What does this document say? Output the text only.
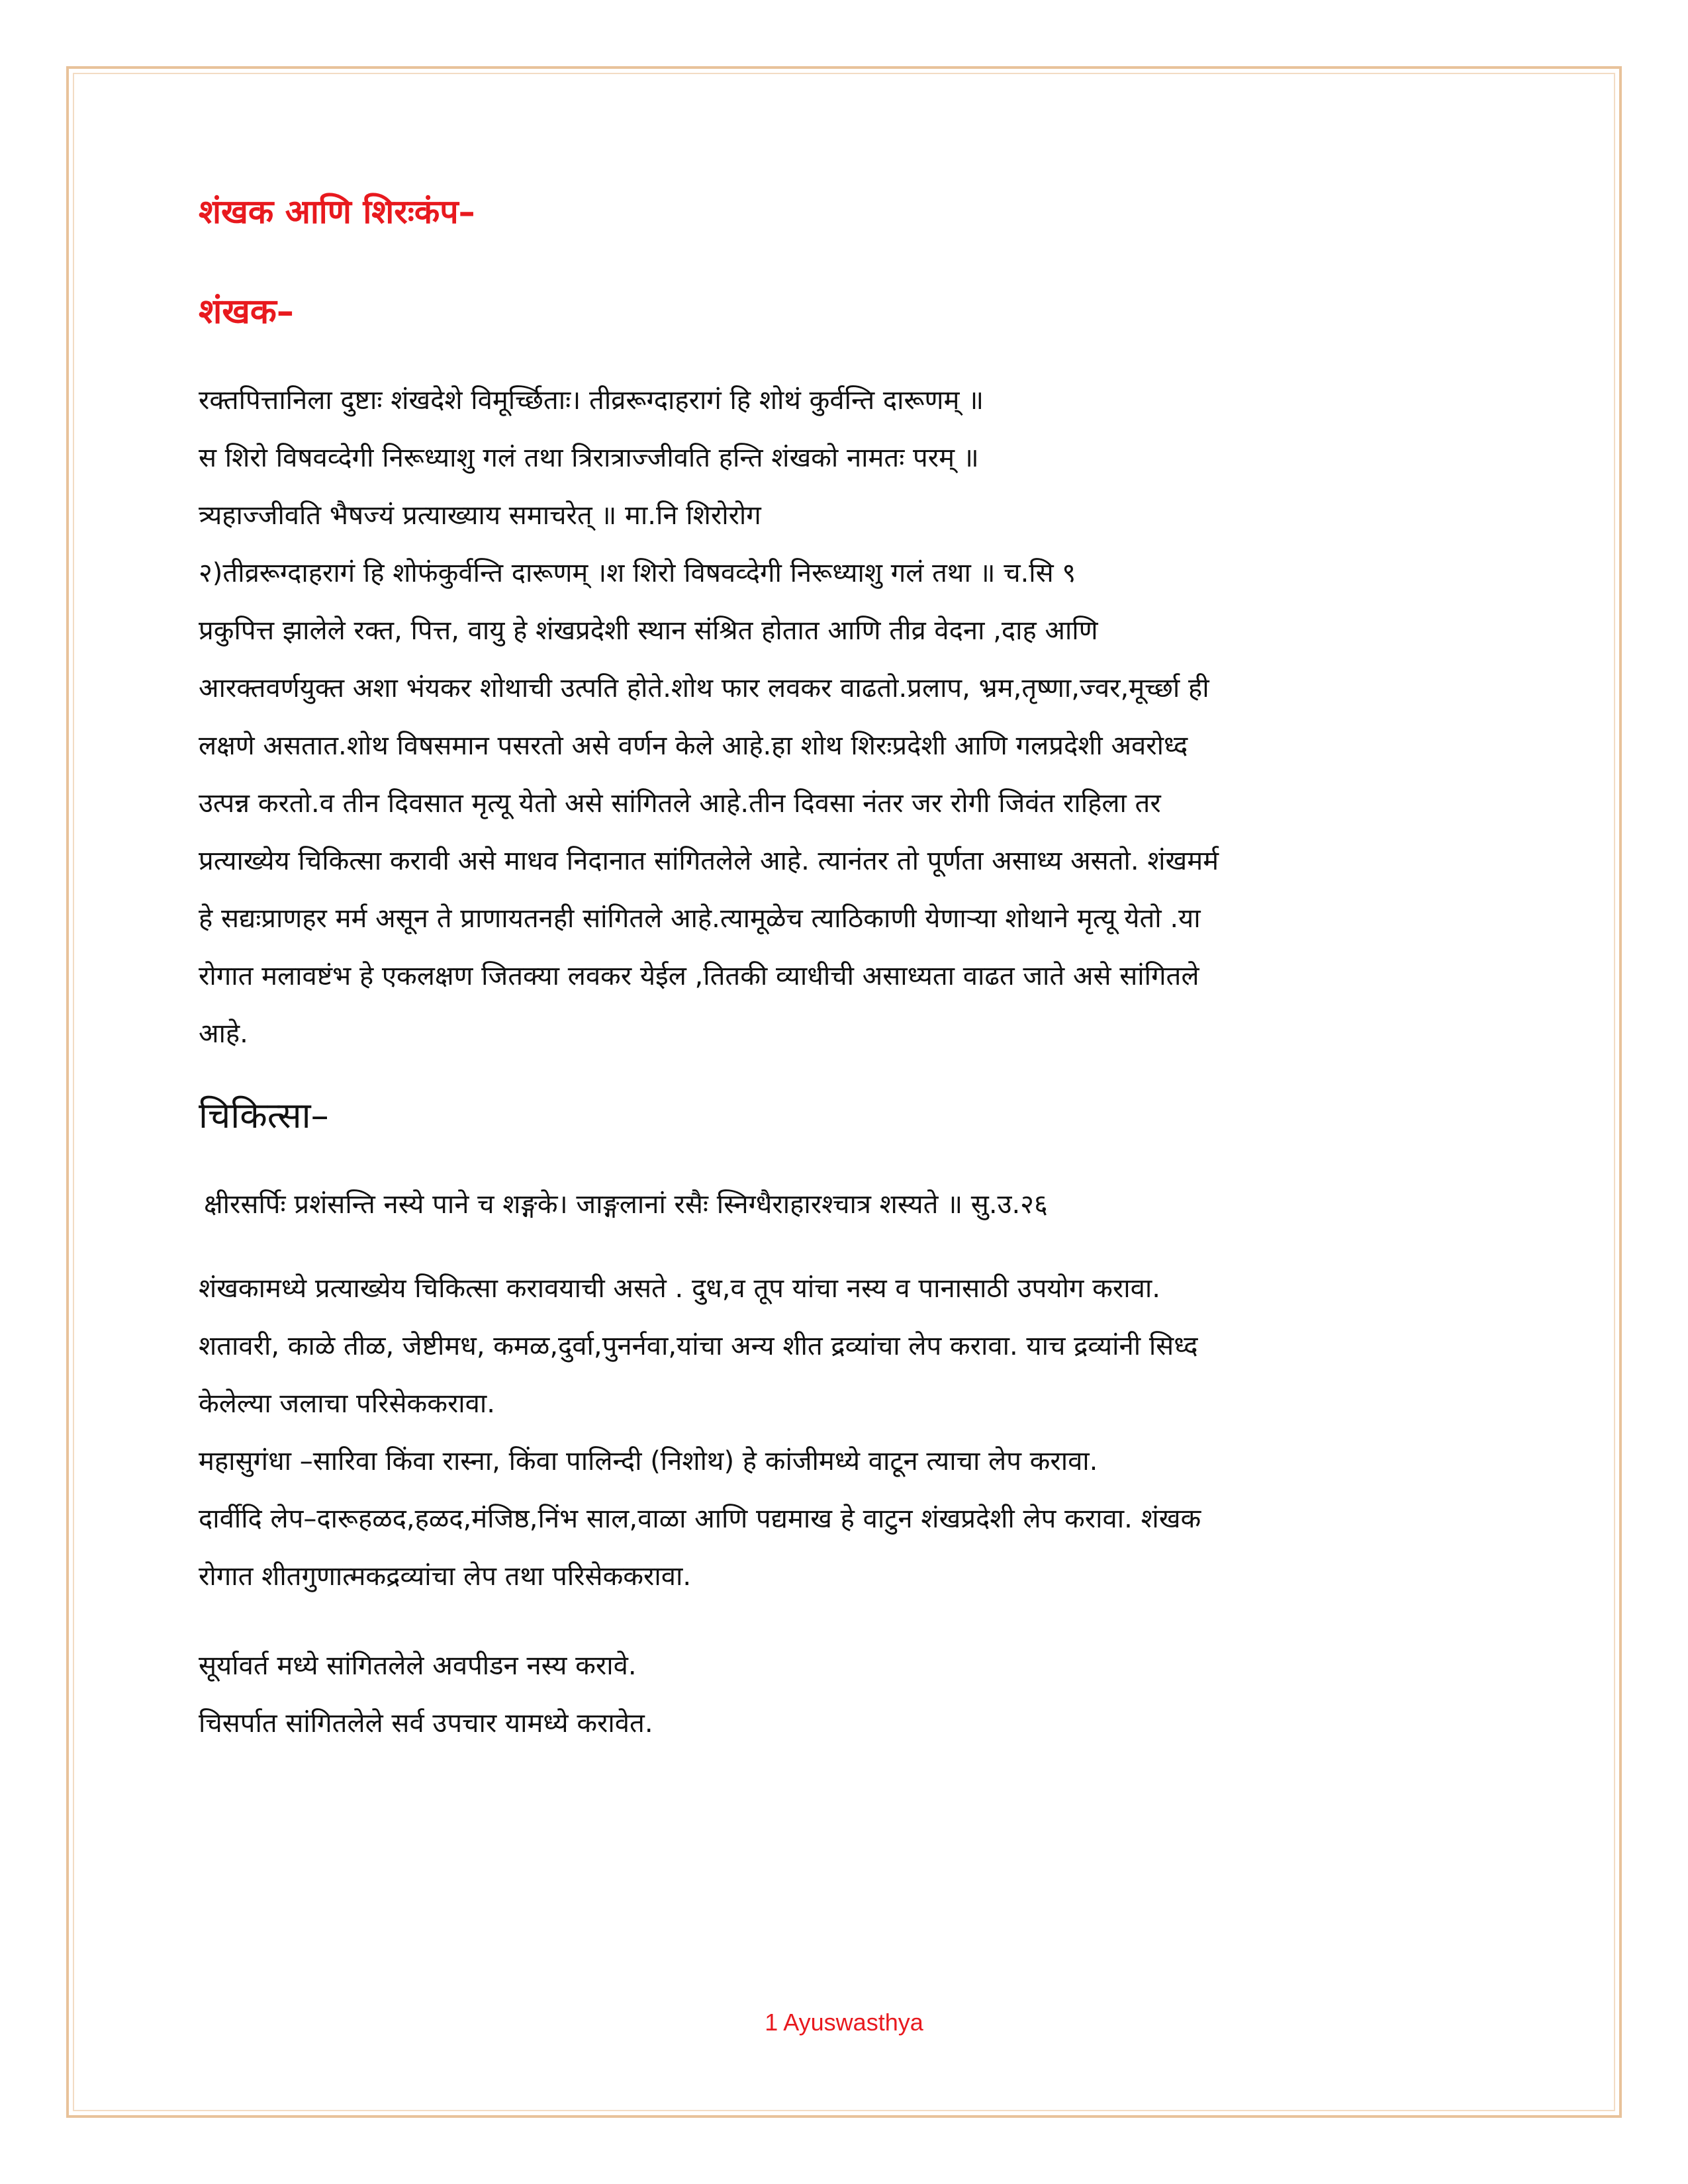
शंखक आणि शिरःकंप–
शंखक–
रक्तपित्तानिला दुष्टाः शंखदेशे विमूर्च्छिताः। तीव्ररूग्दाहरागं हि शोथं कुर्वन्ति दारूणम् ॥
स शिरो विषवव्देगी निरूध्याशु गलं तथा त्रिरात्राज्जीवति हन्ति शंखको नामतः परम् ॥
त्र्यहाज्जीवति भैषज्यं प्रत्याख्याय समाचरेत् ॥ मा.नि शिरोरोग
२)तीव्ररूग्दाहरागं हि शोफंकुर्वन्ति दारूणम् ।श शिरो विषवव्देगी निरूध्याशु गलं तथा ॥ च.सि ९
प्रकुपित्त झालेले रक्त, पित्त, वायु हे शंखप्रदेशी स्थान संश्रित होतात आणि तीव्र वेदना ,दाह आणि
आरक्तवर्णयुक्त अशा भंयकर शोथाची उत्पति होते.शोथ फार लवकर वाढतो.प्रलाप, भ्रम,तृष्णा,ज्वर,मूर्च्छा ही
लक्षणे असतात.शोथ विषसमान पसरतो असे वर्णन केले आहे.हा शोथ शिरःप्रदेशी आणि गलप्रदेशी अवरोध्द
उत्पन्न करतो.व तीन दिवसात मृत्यू येतो असे सांगितले आहे.तीन दिवसा नंतर जर रोगी जिवंत राहिला तर
प्रत्याख्येय चिकित्सा करावी असे माधव निदानात सांगितलेले आहे. त्यानंतर तो पूर्णता असाध्य असतो. शंखमर्म
हे सद्यःप्राणहर मर्म असून ते प्राणायतनही सांगितले आहे.त्यामूळेच त्याठिकाणी येणाऱ्या शोथाने मृत्यू येतो .या
रोगात मलावष्टंभ हे एकलक्षण जितक्या लवकर येईल ,तितकी व्याधीची असाध्यता वाढत जाते असे सांगितले
आहे.
चिकित्सा–
क्षीरसर्पिः प्रशंसन्ति नस्ये पाने च शङ्गके। जाङ्गलानां रसैः स्निग्धैराहारश्चात्र शस्यते ॥ सु.उ.२६
शंखकामध्ये प्रत्याख्येय चिकित्सा करावयाची असते . दुध,व तूप यांचा नस्य व पानासाठी उपयोग करावा.
शतावरी, काळे तीळ, जेष्टीमध, कमळ,दुर्वा,पुनर्नवा,यांचा अन्य शीत द्रव्यांचा लेप करावा. याच द्रव्यांनी सिध्द
केलेल्या जलाचा परिसेककरावा.
महासुगंधा –सारिवा किंवा रास्ना, किंवा पालिन्दी (निशोथ) हे कांजीमध्ये वाटून त्याचा लेप करावा.
दार्वीदि लेप–दारूहळद,हळद,मंजिष्ठ,निंभ साल,वाळा आणि पद्यमाख हे वाटुन शंखप्रदेशी लेप करावा. शंखक
रोगात शीतगुणात्मकद्रव्यांचा लेप तथा परिसेककरावा.
सूर्यावर्त मध्ये सांगितलेले अवपीडन नस्य करावे.
चिसर्पात सांगितलेले सर्व उपचार यामध्ये करावेत.
1 Ayuswasthya
